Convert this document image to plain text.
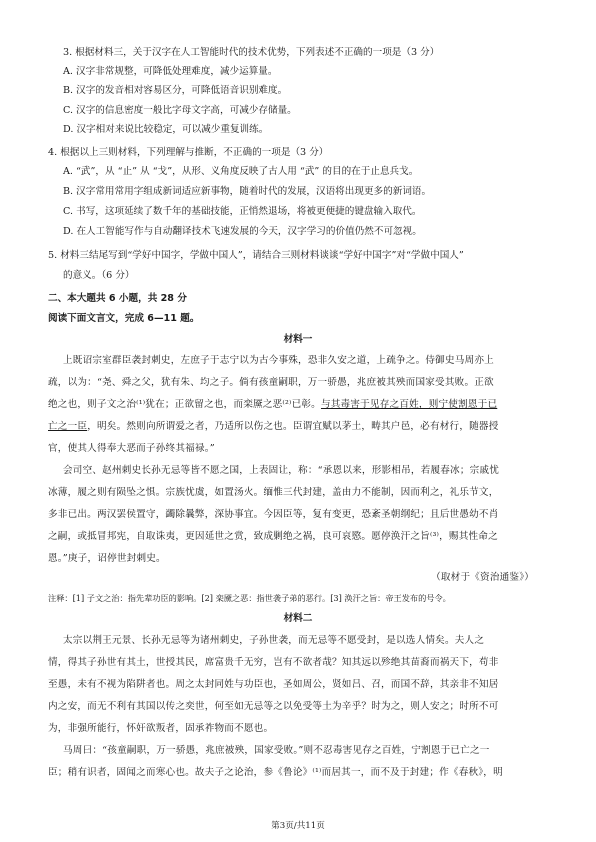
3. 根据材料三，关于汉字在人工智能时代的技术优势，下列表述不正确的一项是（3 分）
A. 汉字非常规整，可降低处理难度，减少运算量。
B. 汉字的发音相对容易区分，可降低语音识别难度。
C. 汉字的信息密度一般比字母文字高，可减少存储量。
D. 汉字相对来说比较稳定，可以减少重复训练。
4. 根据以上三则材料，下列理解与推断，不正确的一项是（3 分）
A. “武”，从 “止” 从 “戈”，从形、义角度反映了古人用 “武” 的目的在于止息兵戈。
B. 汉字常用常用字组成新词适应新事物，随着时代的发展，汉语将出现更多的新词语。
C. 书写，这项延续了数千年的基础技能，正悄然退场，将被更便捷的键盘输入取代。
D. 在人工智能写作与自动翻译技术飞速发展的今天，汉字学习的价值仍然不可忽视。
5. 材料三结尾写到“学好中国字，学做中国人”，请结合三则材料谈谈“学好中国字”对“学做中国人”
的意义。（6 分）
二、本大题共 6 小题，共 28 分
阅读下面文言文，完成 6—11 题。
材料一
上既诏宗室群臣袭封刺史，左庶子于志宁以为古今事殊，恐非久安之道，上疏争之。侍御史马周亦上
疏，以为：“尧、舜之父，犹有朱、均之子。倘有孩童嗣职，万一骄愚，兆庶被其殃而国家受其败。正欲
绝之也，则子文之治⁽¹⁾犹在；正欲留之也，而栾黡之恶⁽²⁾已彰。与其毒害于见存之百姓，则宁使割恩于已
亡之一臣，明矣。然则向所谓爱之者，乃适所以伤之也。臣谓宜赋以茅土，畴其户邑，必有材行，随器授
官，使其人得奉大恶而子孙终其福禄。”
会司空、赵州刺史长孙无忌等皆不愿之国，上表固让，称：“承恩以来，形影相吊，若履春冰；宗戚忧
冰薄，履之则有陨坠之惧。宗族忧虞，如置汤火。缅惟三代封建，盖由力不能制，因而利之，礼乐节文，
多非已出。两汉罢侯置守，蠲除曩弊，深协事宜。今因臣等，复有变更，恐紊圣朝纲纪；且后世愚幼不肖
之嗣，或抵冒邦宪，自取诛夷，更因延世之赏，致成剿绝之祸，良可哀愍。愿停涣汗之旨⁽³⁾，赐其性命之
恩。”庚子，诏停世封刺史。
（取材于《资治通鉴》）
注释：[1] 子文之治：指先辈功臣的影响。[2] 栾黡之恶：指世袭子弟的恶行。[3] 涣汗之旨：帝王发布的号令。
材料二
太宗以荆王元景、长孙无忌等为诸州刺史，子孙世袭，而无忌等不愿受封，是以选人情矣。夫人之
情，得其子孙世有其土，世授其民，席富贵千无穷，岂有不欲者哉？知其远以殄绝其苗裔而祸天下，苟非
至愚，未有不视为陷阱者也。周之太封同姓与功臣也，圣如周公，贤如吕、召，而国不辞，其亲非不知居
内之安，而无不利有其国以传之奕世，何至如无忌等之以免受等土为辛乎？时为之，则人安之；时所不可
为，非强所能行，怀奸欲叛者，固承祚物而不愿也。
马周曰：“孩童嗣职，万一骄愚，兆庶被殃，国家受败。”则不忍毒害见存之百姓，宁割恩于已亡之一
臣；稍有识者，固闻之而寒心也。故夫子之论治，参《鲁论》⁽¹⁾而居其一，而不及于封建；作《春秋》，明
第3页/共11页
